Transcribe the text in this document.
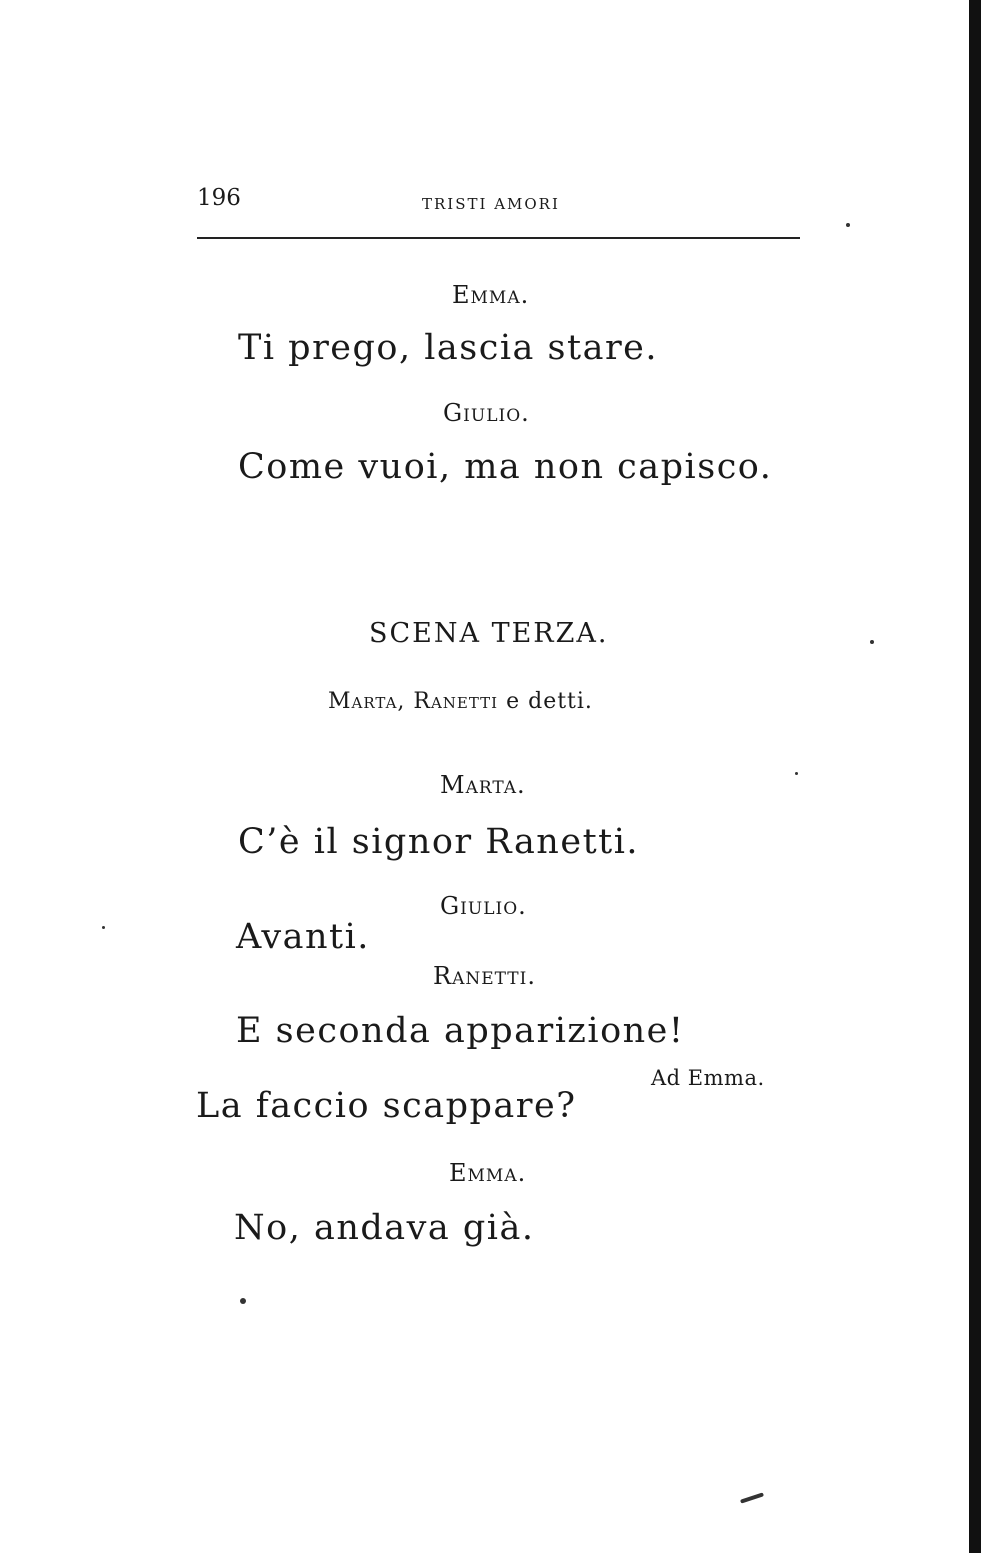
196	TRISTI AMORI
Emma.
Ti prego, lascia stare.
Giulio.
Come vuoi, ma non capisco.
SCENA TERZA.
Marta, Ranetti e detti.
Marta.
C’è il signor Ranetti.
Giulio.
Avanti.
Ranetti.
E seconda apparizione!
Ad Emma.
La faccio scappare?
Emma.
No, andava già.
